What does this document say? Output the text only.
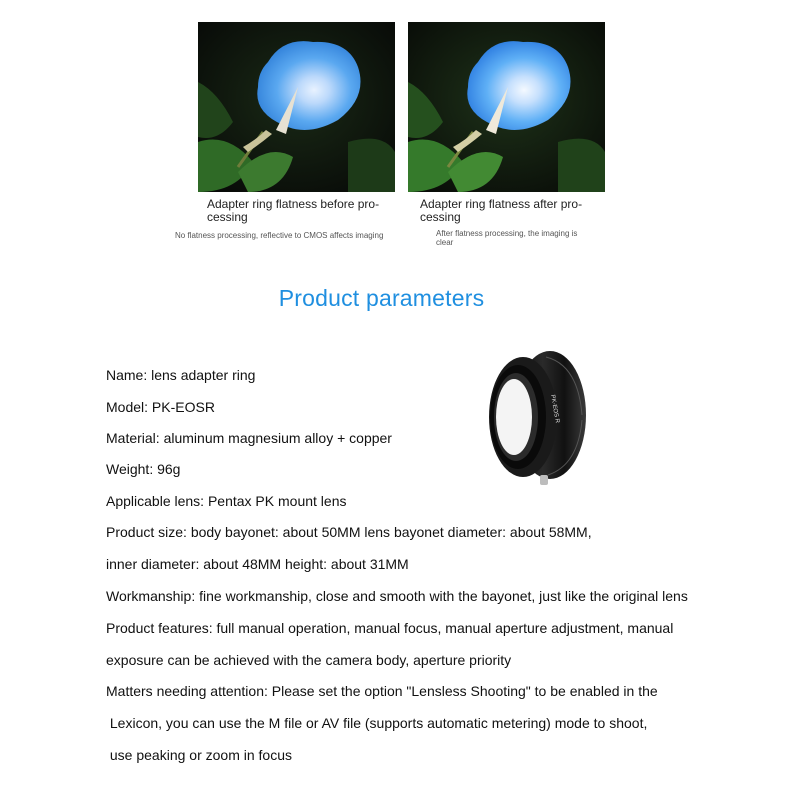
Adapter ring flatness before pro-
cessing
No flatness processing, reflective to CMOS affects imaging
Adapter ring flatness after pro-
cessing
After flatness processing, the imaging is
clear
Product parameters
PK-EOS R
Name: lens adapter ring
Model: PK-EOSR
Material: aluminum magnesium alloy + copper
Weight: 96g
Applicable lens: Pentax PK mount lens
Product size: body bayonet: about 50MM lens bayonet diameter: about 58MM,
inner diameter: about 48MM height: about 31MM
Workmanship: fine workmanship, close and smooth with the bayonet, just like the original lens
Product features: full manual operation, manual focus, manual aperture adjustment, manual
exposure can be achieved with the camera body, aperture priority
Matters needing attention: Please set the option "Lensless Shooting" to be enabled in the
Lexicon, you can use the M file or AV file (supports automatic metering) mode to shoot,
use peaking or zoom in focus
